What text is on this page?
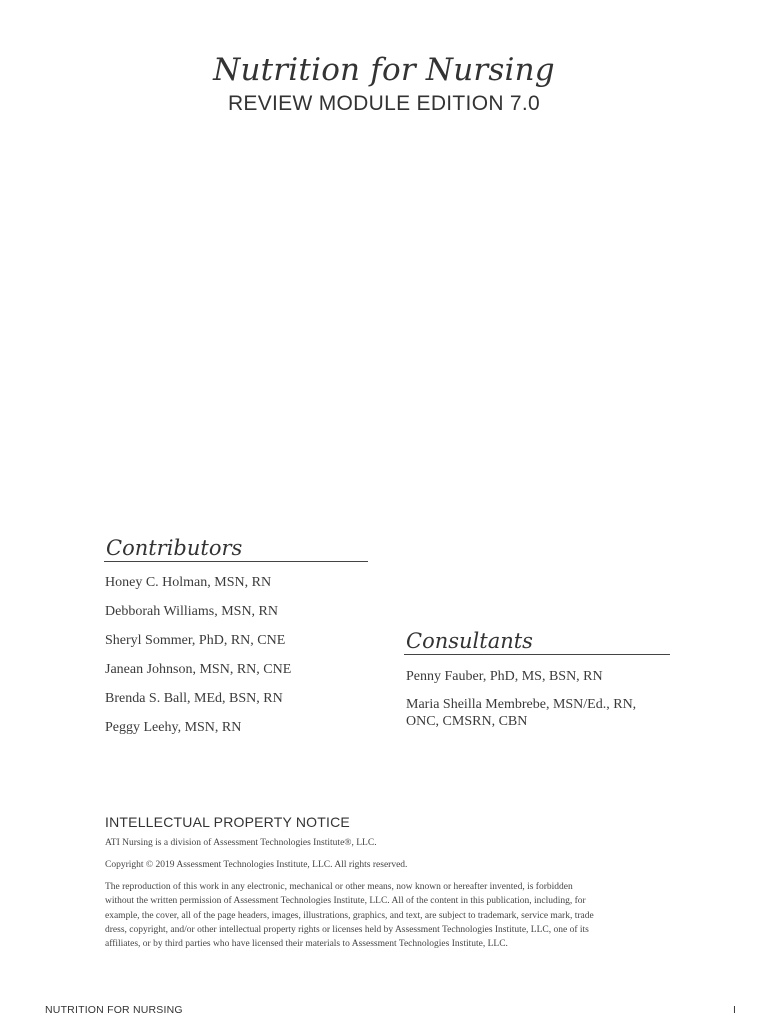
Nutrition for Nursing
REVIEW MODULE EDITION 7.0
Contributors
Honey C. Holman, MSN, RN
Debborah Williams, MSN, RN
Sheryl Sommer, PhD, RN, CNE
Janean Johnson, MSN, RN, CNE
Brenda S. Ball, MEd, BSN, RN
Peggy Leehy, MSN, RN
Consultants
Penny Fauber, PhD, MS, BSN, RN
Maria Sheilla Membrebe, MSN/Ed., RN, ONC, CMSRN, CBN
INTELLECTUAL PROPERTY NOTICE

ATI Nursing is a division of Assessment Technologies Institute®, LLC.

Copyright © 2019 Assessment Technologies Institute, LLC. All rights reserved.

The reproduction of this work in any electronic, mechanical or other means, now known or hereafter invented, is forbidden without the written permission of Assessment Technologies Institute, LLC. All of the content in this publication, including, for example, the cover, all of the page headers, images, illustrations, graphics, and text, are subject to trademark, service mark, trade dress, copyright, and/or other intellectual property rights or licenses held by Assessment Technologies Institute, LLC, one of its affiliates, or by third parties who have licensed their materials to Assessment Technologies Institute, LLC.

NUTRITION FOR NURSING	I
